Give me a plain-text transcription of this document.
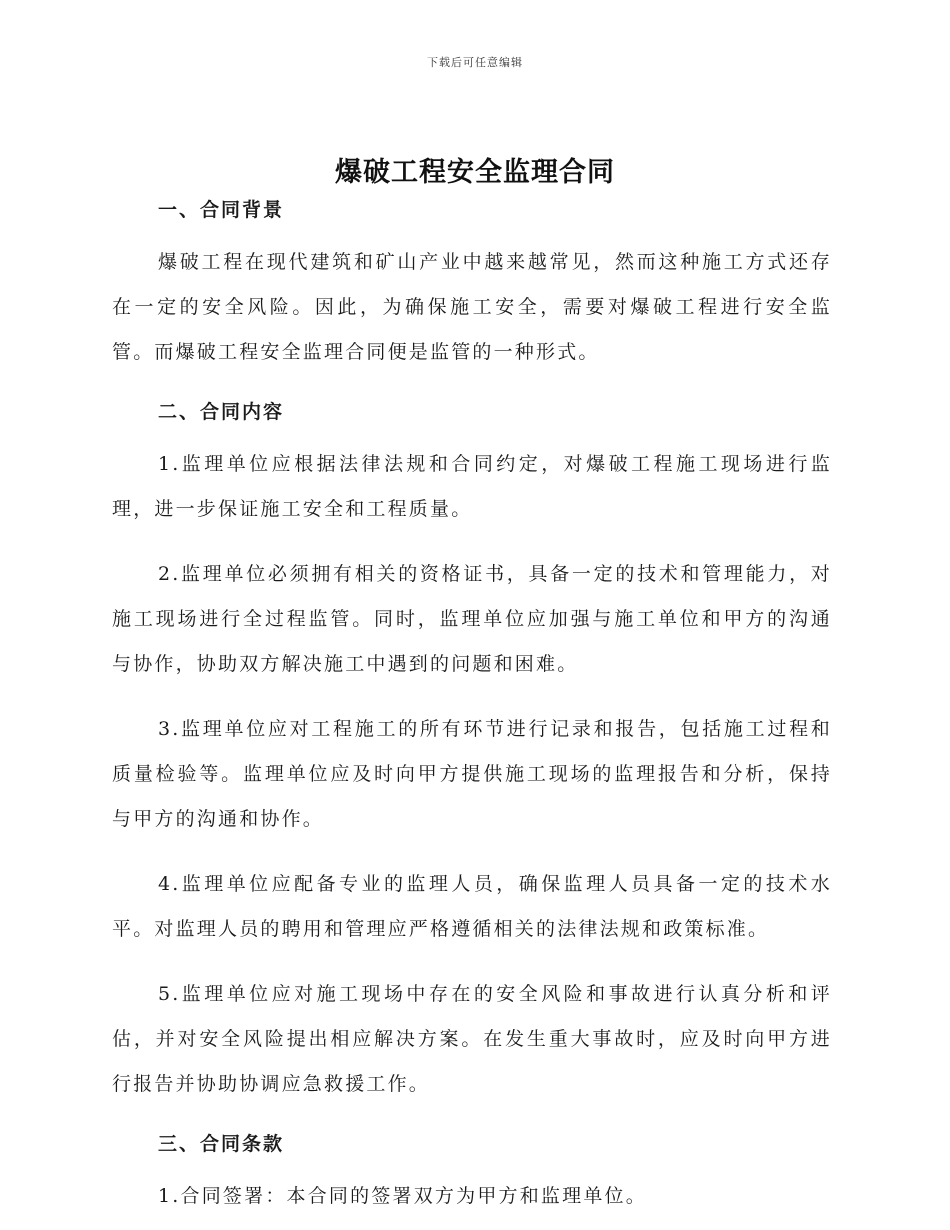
下载后可任意编辑
爆破工程安全监理合同
一、合同背景

爆破工程在现代建筑和矿山产业中越来越常见，然而这种施工方式还存在一定的安全风险。因此，为确保施工安全，需要对爆破工程进行安全监管。而爆破工程安全监理合同便是监管的一种形式。

二、合同内容

1.监理单位应根据法律法规和合同约定，对爆破工程施工现场进行监理，进一步保证施工安全和工程质量。

2.监理单位必须拥有相关的资格证书，具备一定的技术和管理能力，对施工现场进行全过程监管。同时，监理单位应加强与施工单位和甲方的沟通与协作，协助双方解决施工中遇到的问题和困难。

3.监理单位应对工程施工的所有环节进行记录和报告，包括施工过程和质量检验等。监理单位应及时向甲方提供施工现场的监理报告和分析，保持与甲方的沟通和协作。

4.监理单位应配备专业的监理人员，确保监理人员具备一定的技术水平。对监理人员的聘用和管理应严格遵循相关的法律法规和政策标准。

5.监理单位应对施工现场中存在的安全风险和事故进行认真分析和评估，并对安全风险提出相应解决方案。在发生重大事故时，应及时向甲方进行报告并协助协调应急救援工作。

三、合同条款

1.合同签署：本合同的签署双方为甲方和监理单位。
